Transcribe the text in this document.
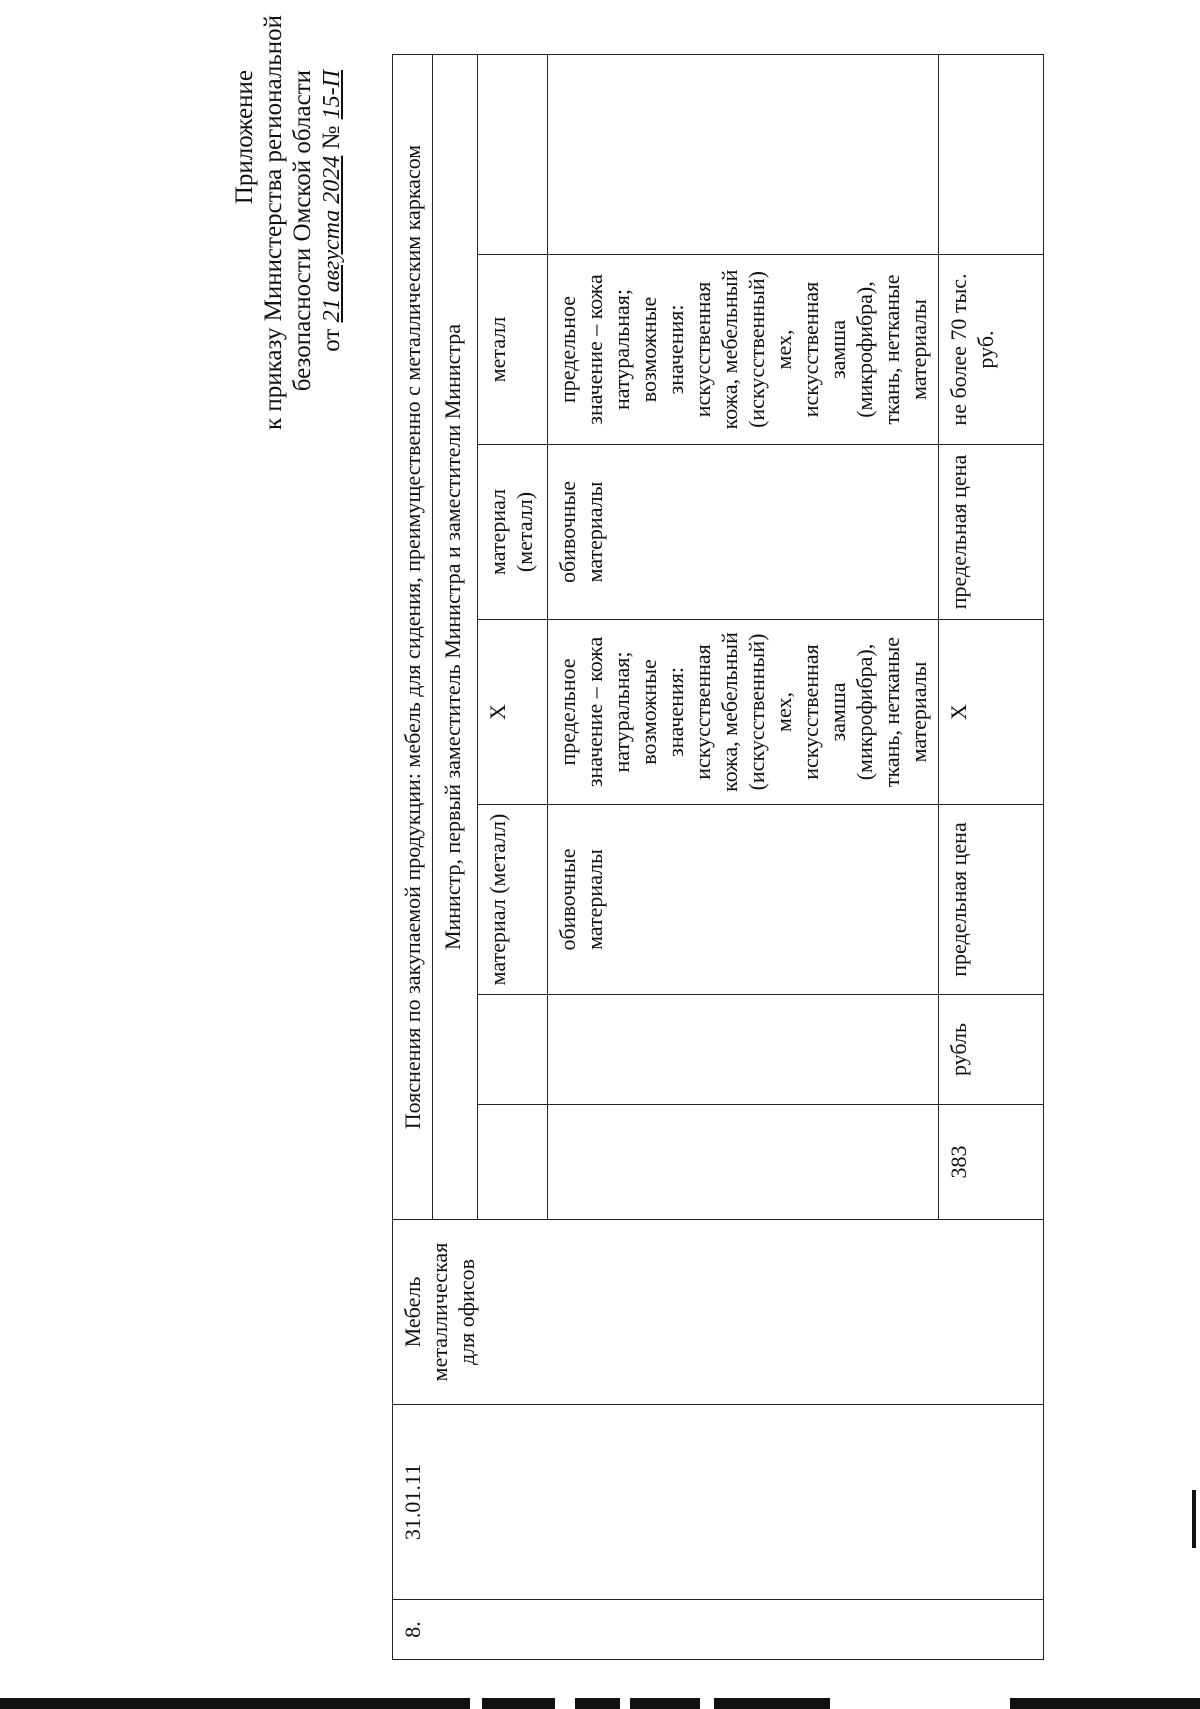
Приложение к приказу Министерства региональной безопасности Омской области от 21 августа 2024 № 15-П
8.	31.01.11	Мебель металлическая для офисов	Пояснения по закупаемой продукции: мебель для сидения, преимущественно с металлическим каркасом						
			Министр, первый заместитель Министра и заместители Министра						
					материал (металл)	X	материал (металл)	металл	
					обивочные материалы	предельное значение – кожа натуральная; возможные значения: искусственная кожа, мебельный (искусственный) мех, искусственная замша (микрофибра), ткань, нетканые материалы	обивочные материалы	предельное значение – кожа натуральная; возможные значения: искусственная кожа, мебельный (искусственный) мех, искусственная замша (микрофибра), ткань, нетканые материалы	
			383	рубль	предельная цена	X	предельная цена	не более 70 тыс. руб.	
